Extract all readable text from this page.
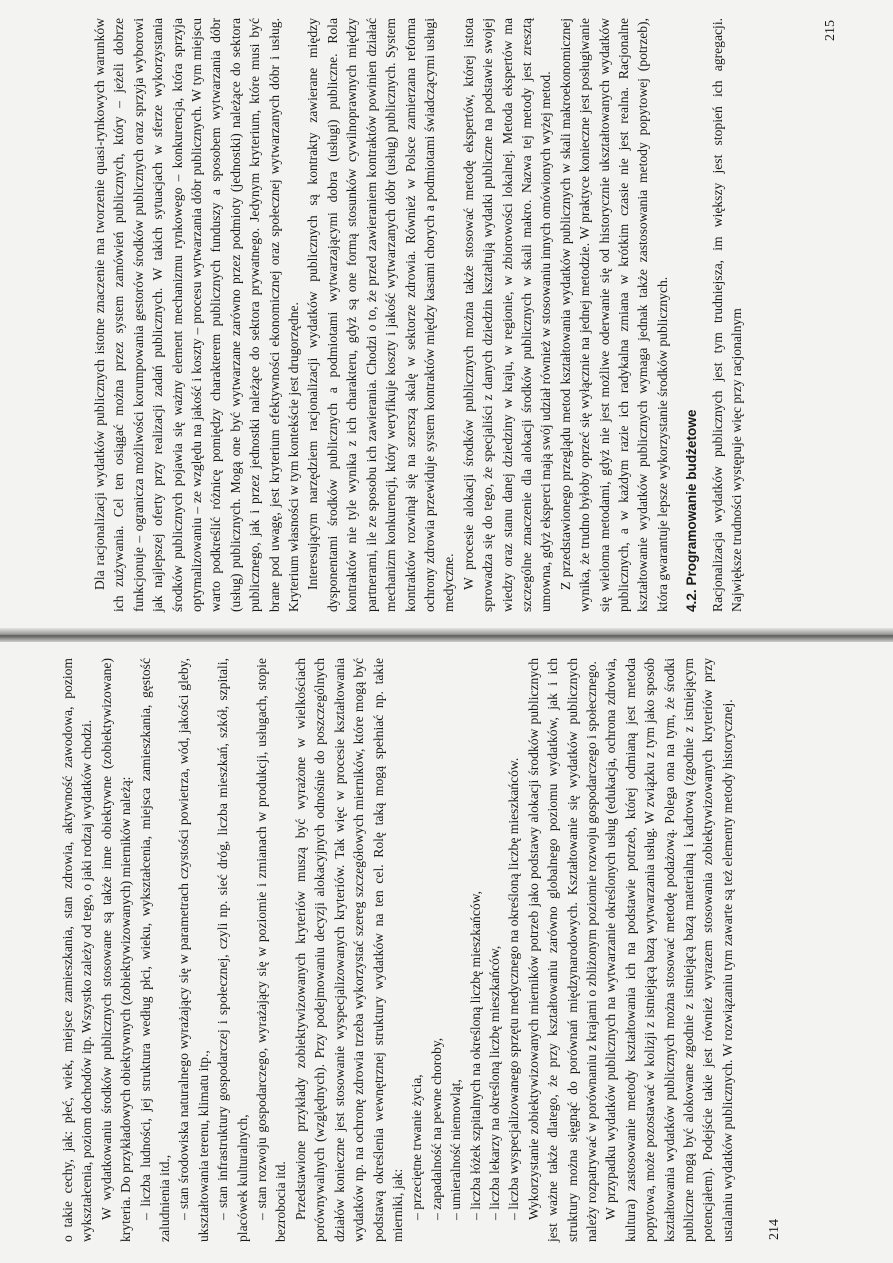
Dla racjonalizacji wydatków publicznych istotne znaczenie ma tworzenie quasi-rynkowych warunków ich zużywania. Cel ten osiągać można przez system zamówień publicznych, który – jeżeli dobrze funkcjonuje – ogranicza możliwości korumpowania gestorów środków publicznych oraz sprzyja wyborowi jak najlepszej oferty przy realizacji zadań publicznych. W takich sytuacjach w sferze wykorzystania środków publicznych pojawia się ważny element mechanizmu rynkowego – konkurencja, która sprzyja optymalizowaniu – ze względu na jakość i koszty – procesu wytwarzania dóbr publicznych. W tym miejscu warto podkreślić różnicę pomiędzy charakterem publicznych funduszy a sposobem wytwarzania dóbr (usług) publicznych. Mogą one być wytwarzane zarówno przez podmioty (jednostki) należące do sektora publicznego, jak i przez jednostki należące do sektora prywatnego. Jedynym kryterium, które musi być brane pod uwagę, jest kryterium efektywności ekonomicznej oraz społecznej wytwarzanych dóbr i usług. Kryterium własności w tym kontekście jest drugorzędne. Interesującym narzędziem racjonalizacji wydatków publicznych są kontrakty zawierane między dysponentami środków publicznych a podmiotami wytwarzającymi dobra (usługi) publiczne. Rola kontraktów nie tyle wynika z ich charakteru, gdyż są one formą stosunków cywilnoprawnych między partnerami, ile ze sposobu ich zawierania. Chodzi o to, że przed zawieraniem kontraktów powinien działać mechanizm konkurencji, który weryfikuje koszty i jakość wytwarzanych dóbr (usług) publicznych. System kontraktów rozwinął się na szerszą skalę w sektorze zdrowia. Również w Polsce zamierzana reforma ochrony zdrowia przewiduje system kontraktów między kasami chorych a podmiotami świadczącymi usługi medyczne. W procesie alokacji środków publicznych można także stosować metodę ekspertów, której istota sprowadza się do tego, że specjaliści z danych dziedzin kształtują wydatki publiczne na podstawie swojej wiedzy oraz stanu danej dziedziny w kraju, w regionie, w zbiorowości lokalnej. Metoda ekspertów ma szczególne znaczenie dla alokacji środków publicznych w skali makro. Nazwa tej metody jest zresztą umowna, gdyż eksperci mają swój udział również w stosowaniu innych omówionych wyżej metod. Z przedstawionego przeglądu metod kształtowania wydatków publicznych w skali makroekonomicznej wynika, że trudno byłoby oprzeć się wyłącznie na jednej metodzie. W praktyce konieczne jest posługiwanie się wieloma metodami, gdyż nie jest możliwe oderwanie się od historycznie ukształtowanych wydatków publicznych, a w każdym razie ich radykalna zmiana w krótkim czasie nie jest realna. Racjonalne kształtowanie wydatków publicznych wymaga jednak także zastosowania metody popytowej (potrzeb), która gwarantuje lepsze wykorzystanie środków publicznych. 4.2. Programowanie budżetowe Racjonalizacja wydatków publicznych jest tym trudniejsza, im większy jest stopień ich agregacji. Największe trudności występuje więc przy racjonalnym

215

o takie cechy, jak: płeć, wiek, miejsce zamieszkania, stan zdrowia, aktywność zawodowa, poziom wykształcenia, poziom dochodów itp. Wszystko zależy od tego, o jaki rodzaj wydatków chodzi. W wydatkowaniu środków publicznych stosowane są także inne obiektywne (zobiektywizowane) kryteria. Do przykładowych obiektywnych (zobiektywizowanych) mierników należą: – liczba ludności, jej struktura według płci, wieku, wykształcenia, miejsca zamieszkania, gęstość zaludnienia itd., – stan środowiska naturalnego wyrażający się w parametrach czystości powietrza, wód, jakości gleby, ukształtowania terenu, klimatu itp., – stan infrastruktury gospodarczej i społecznej, czyli np. sieć dróg, liczba mieszkań, szkół, szpitali, placówek kulturalnych, – stan rozwoju gospodarczego, wyrażający się w poziomie i zmianach w produkcji, usługach, stopie bezrobocia itd. Przedstawione przykłady zobiektywizowanych kryteriów muszą być wyrażone w wielkościach porównywalnych (względnych). Przy podejmowaniu decyzji alokacyjnych odnośnie do poszczególnych działów konieczne jest stosowanie wyspecjalizowanych kryteriów. Tak więc w procesie kształtowania wydatków np. na ochronę zdrowia trzeba wykorzystać szereg szczegółowych mierników, które mogą być podstawą określenia wewnętrznej struktury wydatków na ten cel. Rolę taką mogą spełniać np. takie mierniki, jak: – przeciętne trwanie życia, – zapadalność na pewne choroby, – umieralność niemowląt, – liczba łóżek szpitalnych na określoną liczbę mieszkańców, – liczba lekarzy na określoną liczbę mieszkańców, – liczba wyspecjalizowanego sprzętu medycznego na określoną liczbę mieszkańców. Wykorzystanie zobiektywizowanych mierników potrzeb jako podstawy alokacji środków publicznych jest ważne także dlatego, że przy kształtowaniu zarówno globalnego poziomu wydatków, jak i ich struktury można sięgnąć do porównań międzynarodowych. Kształtowanie się wydatków publicznych należy rozpatrywać w porównaniu z krajami o zbliżonym poziomie rozwoju gospodarczego i społecznego. W przypadku wydatków publicznych na wytwarzanie określonych usług (edukacja, ochrona zdrowia, kultura) zastosowanie metody kształtowania ich na podstawie potrzeb, której odmianą jest metoda popytowa, może pozostawać w kolizji z istniejącą bazą wytwarzania usług. W związku z tym jako sposób kształtowania wydatków publicznych można stosować metodę podażową. Polega ona na tym, że środki publiczne mogą być alokowane zgodnie z istniejącą bazą materialną i kadrową (zgodnie z istniejącym potencjałem). Podejście takie jest również wyrazem stosowania zobiektywizowanych kryteriów przy ustalaniu wydatków publicznych. W rozwiązaniu tym zawarte są też elementy metody historycznej. 214
